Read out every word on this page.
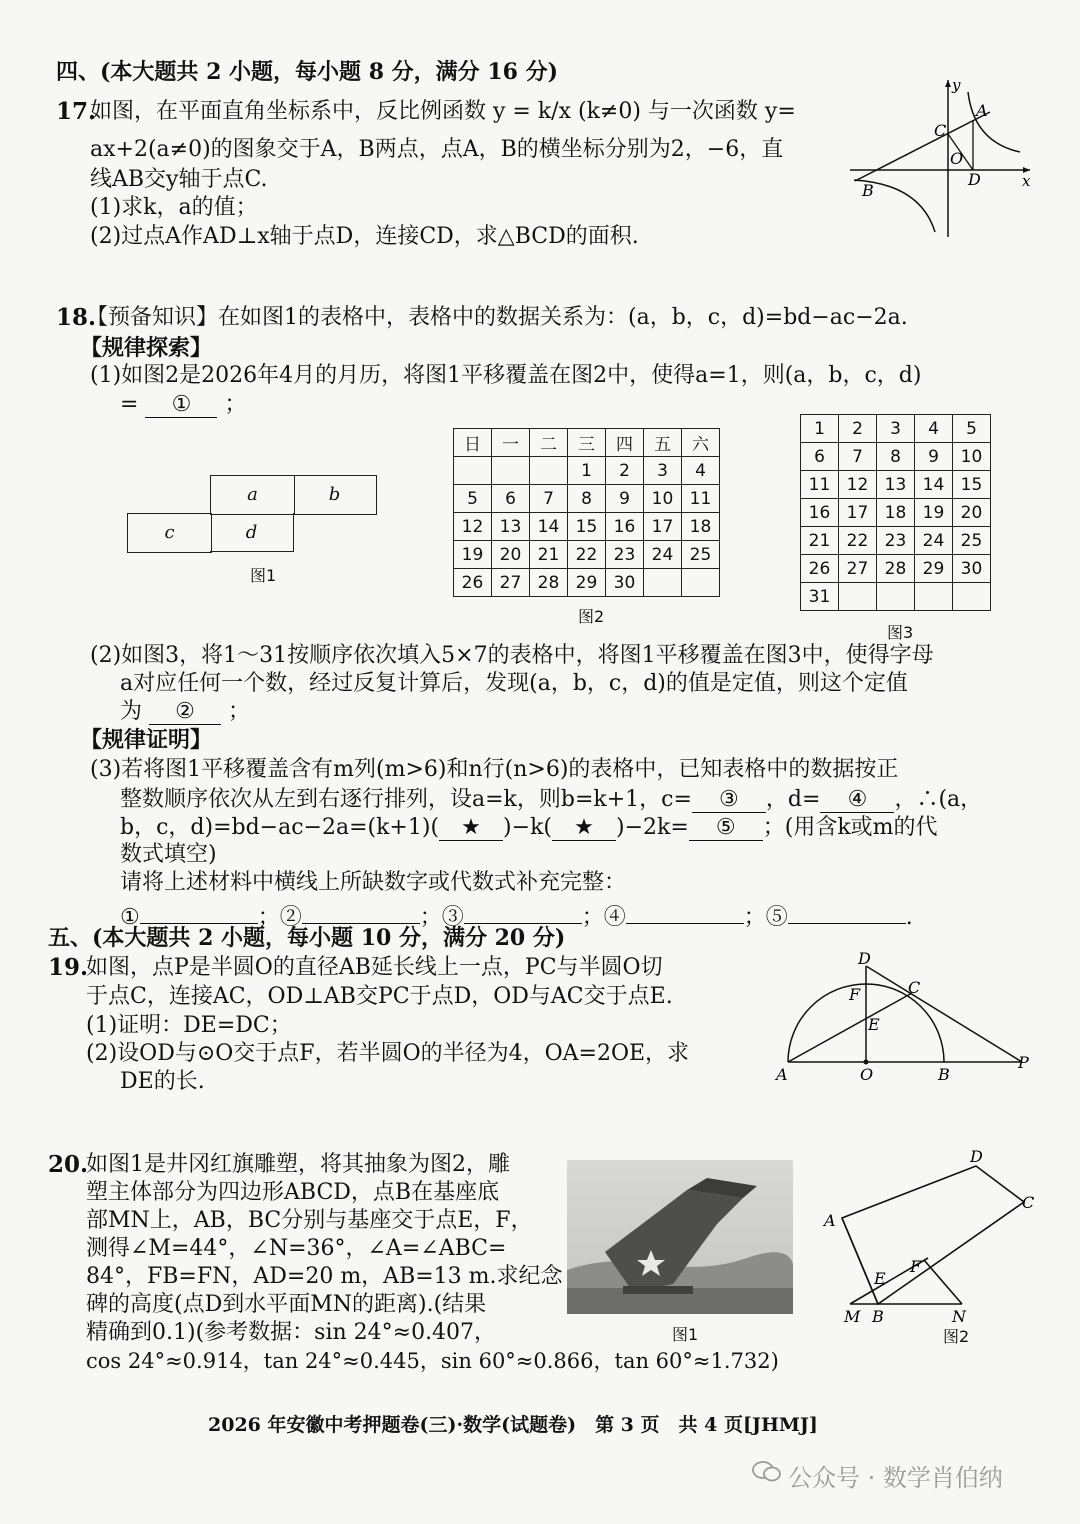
四、(本大题共 2 小题，每小题 8 分，满分 16 分)
17.
如图，在平面直角坐标系中，反比例函数 y = k/x (k≠0) 与一次函数 y=
ax+2(a≠0)的图象交于A，B两点，点A，B的横坐标分别为2，−6，直
线AB交y轴于点C.
(1)求k，a的值；
(2)过点A作AD⊥x轴于点D，连接CD，求△BCD的面积.
y
x
A
B
C
O
D
18.
【预备知识】在如图1的表格中，表格中的数据关系为：(a，b，c，d)=bd−ac−2a.
【规律探索】
(1)如图2是2026年4月的月历，将图1平移覆盖在图2中，使得a=1，则(a，b，c，d)
= ① ；
a	b
c	d
图1
日	一	二	三	四	五	六
			1	2	3	4
5	6	7	8	9	10	11
12	13	14	15	16	17	18
19	20	21	22	23	24	25
26	27	28	29	30		
图2
1	2	3	4	5
6	7	8	9	10
11	12	13	14	15
16	17	18	19	20
21	22	23	24	25
26	27	28	29	30
31				
图3
(2)如图3，将1～31按顺序依次填入5×7的表格中，将图1平移覆盖在图3中，使得字母
a对应任何一个数，经过反复计算后，发现(a，b，c，d)的值是定值，则这个定值
为 ② ；
【规律证明】
(3)若将图1平移覆盖含有m列(m>6)和n行(n>6)的表格中，已知表格中的数据按正
整数顺序依次从左到右逐行排列，设a=k，则b=k+1，c= ③ ，d= ④ ，∴(a，
b，c，d)=bd−ac−2a=(k+1)( ★ )−k( ★ )−2k= ⑤ ；(用含k或m的代
数式填空)
请将上述材料中横线上所缺数字或代数式补充完整：
①	；②	；③	；④	；⑤	.
五、(本大题共 2 小题，每小题 10 分，满分 20 分)
19.
如图，点P是半圆O的直径AB延长线上一点，PC与半圆O切
于点C，连接AC，OD⊥AB交PC于点D，OD与AC交于点E.
(1)证明：DE=DC；
(2)设OD与⊙O交于点F，若半圆O的半径为4，OA=2OE，求
DE的长.
D
F	C
E
A	O	B
P
20.
如图1是井冈红旗雕塑，将其抽象为图2，雕
塑主体部分为四边形ABCD，点B在基座底
部MN上，AB，BC分别与基座交于点E，F，
测得∠M=44°，∠N=36°，∠A=∠ABC=
84°，FB=FN，AD=20 m，AB=13 m.求纪念
碑的高度(点D到水平面MN的距离).(结果
精确到0.1)(参考数据：sin 24°≈0.407，
cos 24°≈0.914，tan 24°≈0.445，sin 60°≈0.866，tan 60°≈1.732)
图1
D
C
A
E
F
M B	N
图2
2026 年安徽中考押题卷(三)·数学(试题卷)　第 3 页　共 4 页[JHMJ]
公众号 · 数学肖伯纳
